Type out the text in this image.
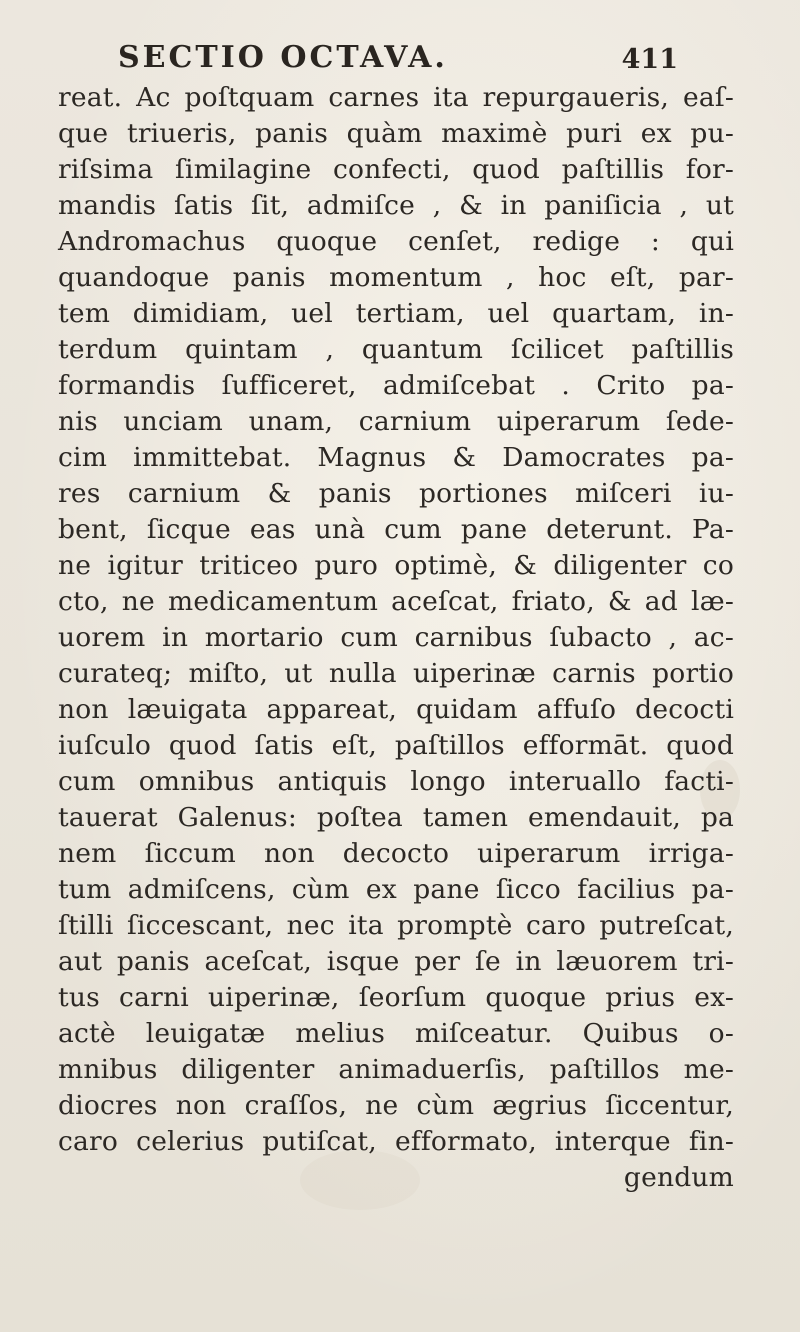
SECTIO OCTAVA.	411
reat. Ac poſtquam carnes ita repurgaueris, eaſ-
que triueris, panis quàm maximè puri ex pu-
riſsima ſimilagine confecti, quod paſtillis for-
mandis ſatis ſit, admiſce , & in paniſicia , ut
Andromachus quoque cenſet, redige : qui
quandoque panis momentum , hoc eſt, par-
tem dimidiam, uel tertiam, uel quartam, in-
terdum quintam , quantum ſcilicet paſtillis
formandis ſufficeret, admiſcebat . Crito pa-
nis unciam unam, carnium uiperarum ſede-
cim immittebat. Magnus & Damocrates pa-
res carnium & panis portiones miſceri iu-
bent, ſicque eas unà cum pane deterunt. Pa-
ne igitur triticeo puro optimè, & diligenter co
cto, ne medicamentum aceſcat, friato, & ad læ-
uorem in mortario cum carnibus ſubacto , ac-
curateq; miſto, ut nulla uiperinæ carnis portio
non læuigata appareat, quidam affuſo decocti
iuſculo quod ſatis eſt, paſtillos efformāt. quod
cum omnibus antiquis longo interuallo facti-
tauerat Galenus: poſtea tamen emendauit, pa
nem ſiccum non decocto uiperarum irriga-
tum admiſcens, cùm ex pane ſicco facilius pa-
ſtilli ſiccescant, nec ita promptè caro putreſcat,
aut panis aceſcat, isque per ſe in læuorem tri-
tus carni uiperinæ, ſeorſum quoque prius ex-
actè leuigatæ melius miſceatur. Quibus o-
mnibus diligenter animaduerſis, paſtillos me-
diocres non craſſos, ne cùm ægrius ſiccentur,
caro celerius putiſcat, efformato, interque fin-
gendum
